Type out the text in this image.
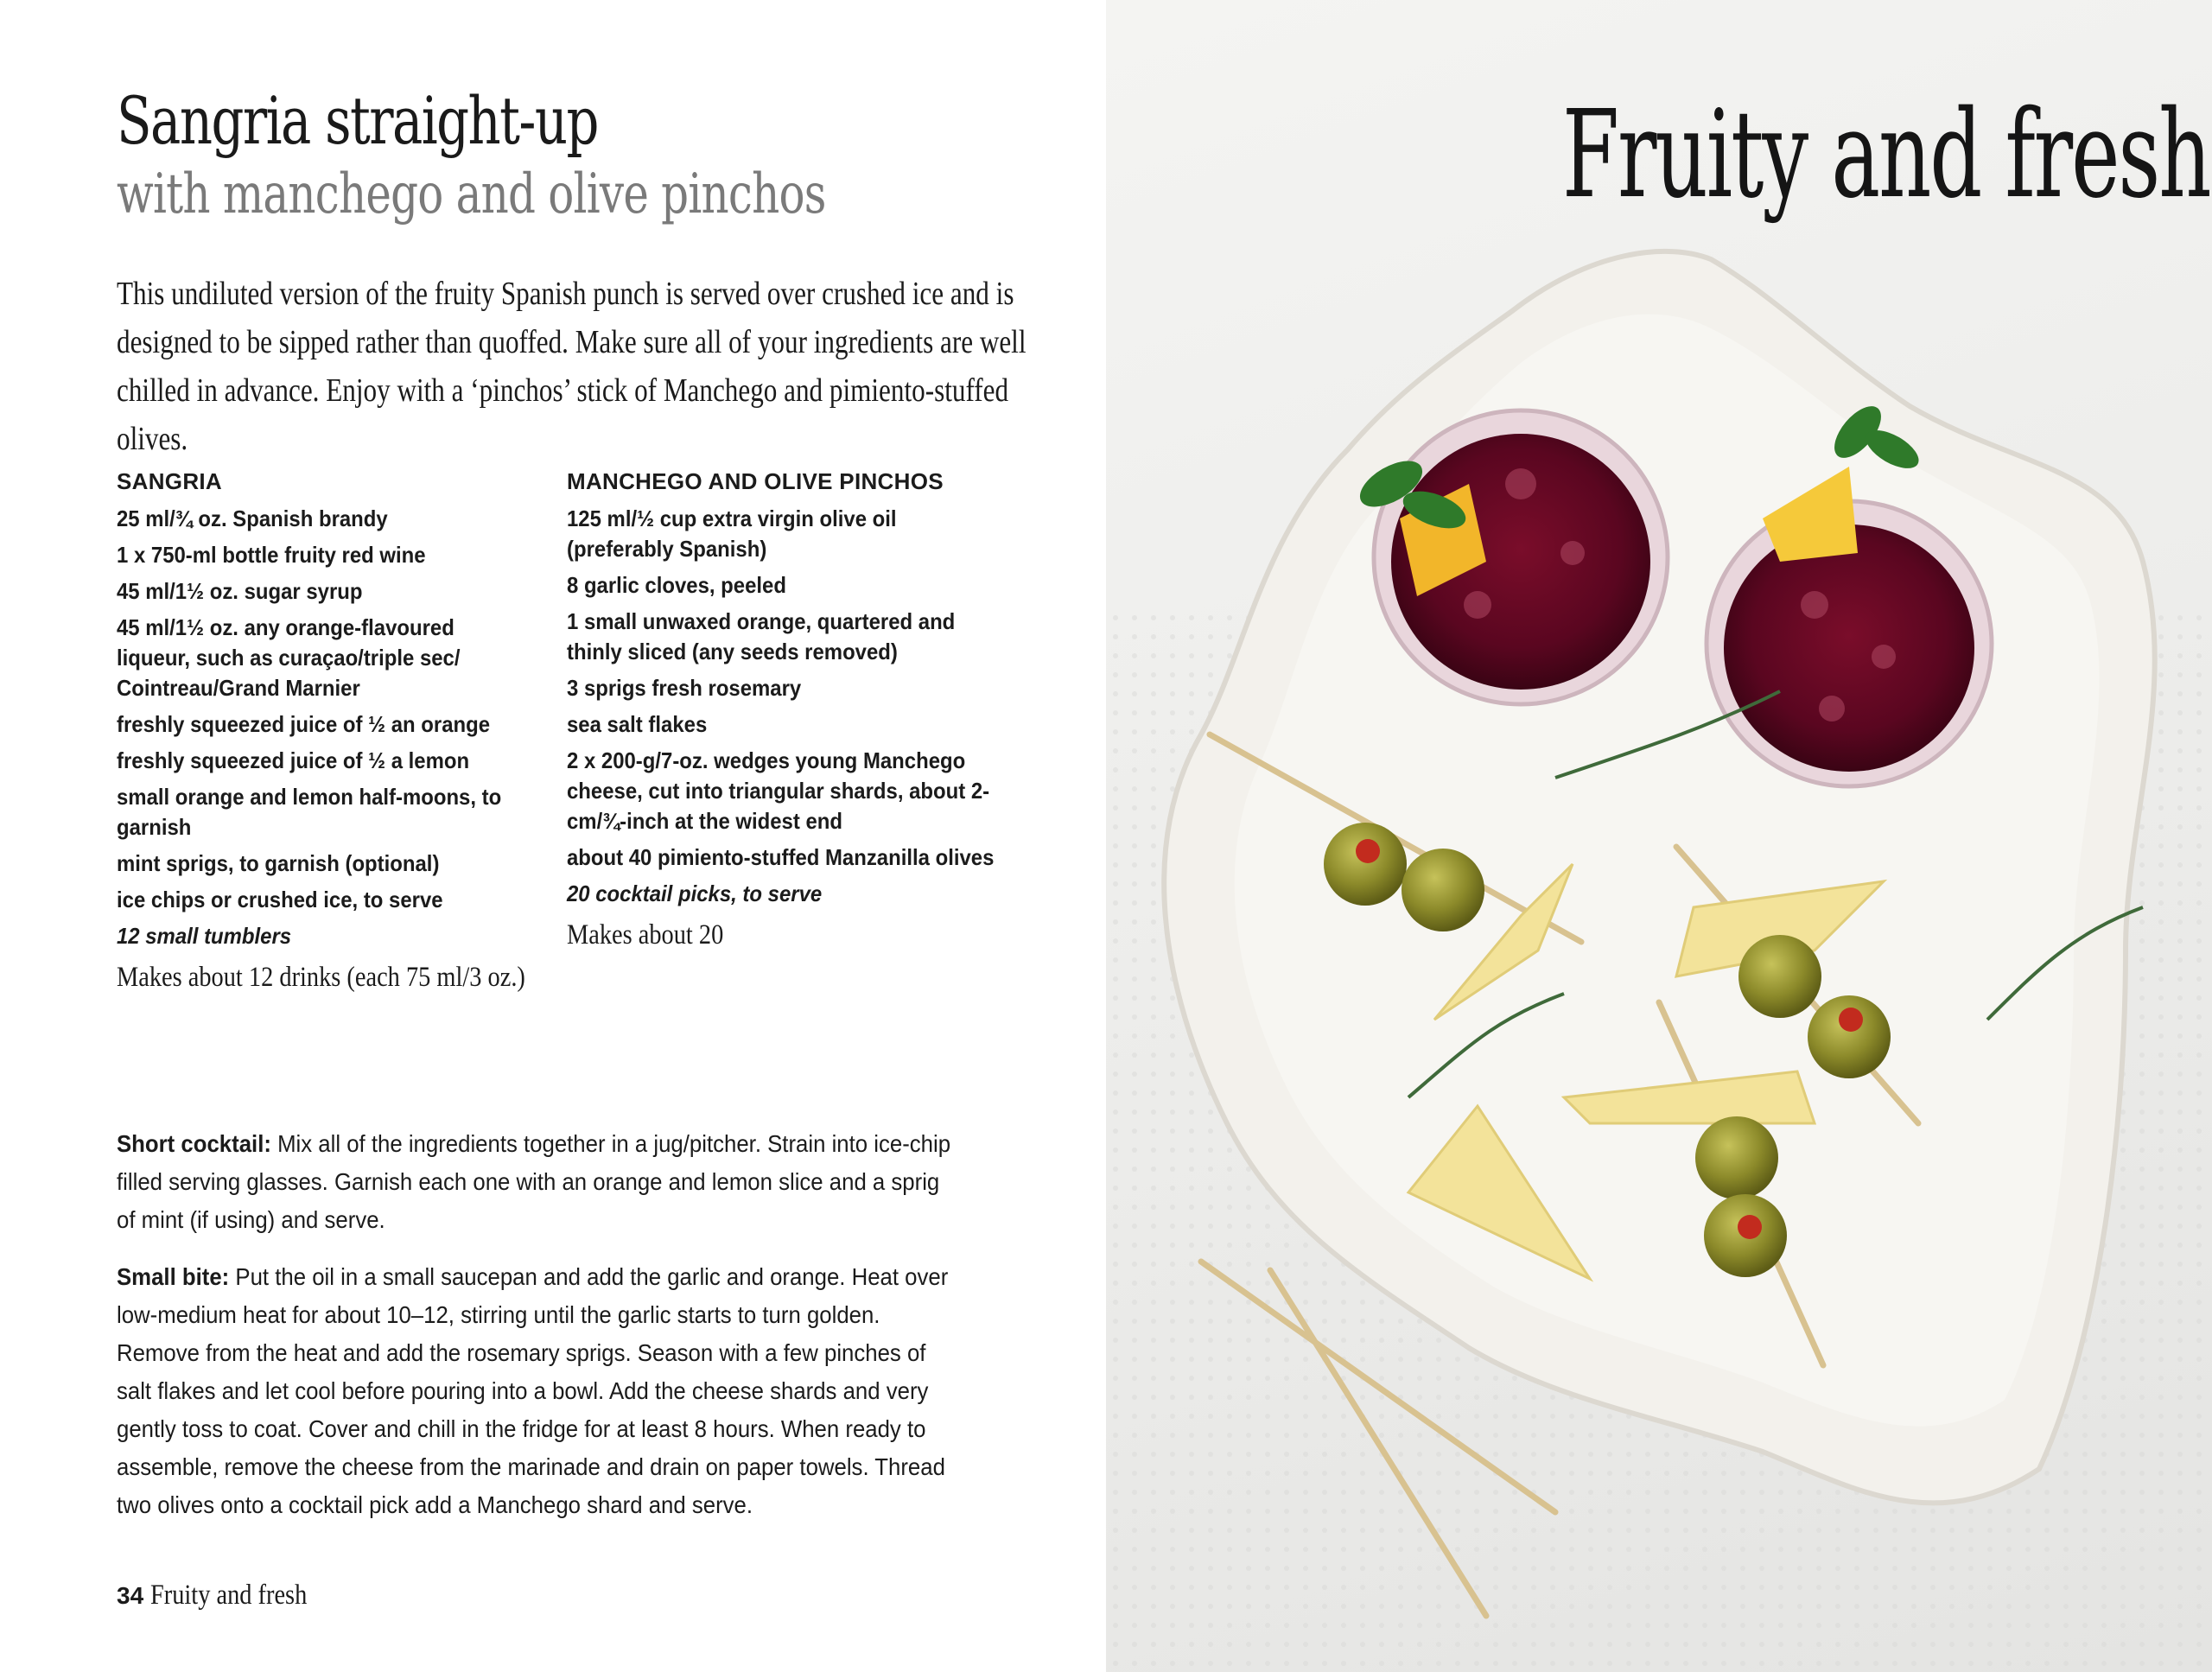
Sangria straight-up
with manchego and olive pinchos
This undiluted version of the fruity Spanish punch is served over crushed ice and is designed to be sipped rather than quoffed. Make sure all of your ingredients are well chilled in advance. Enjoy with a ‘pinchos’ stick of Manchego and pimiento-stuffed olives.
SANGRIA
25 ml/¾ oz. Spanish brandy
1 x 750-ml bottle fruity red wine
45 ml/1½ oz. sugar syrup
45 ml/1½ oz. any orange-flavoured liqueur, such as curaçao/triple sec/ Cointreau/Grand Marnier
freshly squeezed juice of ½ an orange
freshly squeezed juice of ½ a lemon
small orange and lemon half-moons, to garnish
mint sprigs, to garnish (optional)
ice chips or crushed ice, to serve
12 small tumblers
Makes about 12 drinks (each 75 ml/3 oz.)
MANCHEGO AND OLIVE PINCHOS
125 ml/½ cup extra virgin olive oil (preferably Spanish)
8 garlic cloves, peeled
1 small unwaxed orange, quartered and thinly sliced (any seeds removed)
3 sprigs fresh rosemary
sea salt flakes
2 x 200-g/7-oz. wedges young Manchego cheese, cut into triangular shards, about 2-cm/¾-inch at the widest end
about 40 pimiento-stuffed Manzanilla olives
20 cocktail picks, to serve
Makes about 20
Short cocktail: Mix all of the ingredients together in a jug/pitcher. Strain into ice-chip filled serving glasses. Garnish each one with an orange and lemon slice and a sprig of mint (if using) and serve.
Small bite: Put the oil in a small saucepan and add the garlic and orange. Heat over low-medium heat for about 10–12, stirring until the garlic starts to turn golden. Remove from the heat and add the rosemary sprigs. Season with a few pinches of salt flakes and let cool before pouring into a bowl. Add the cheese shards and very gently toss to coat. Cover and chill in the fridge for at least 8 hours. When ready to assemble, remove the cheese from the marinade and drain on paper towels. Thread two olives onto a cocktail pick add a Manchego shard and serve.
34 Fruity and fresh
Fruity and fresh
